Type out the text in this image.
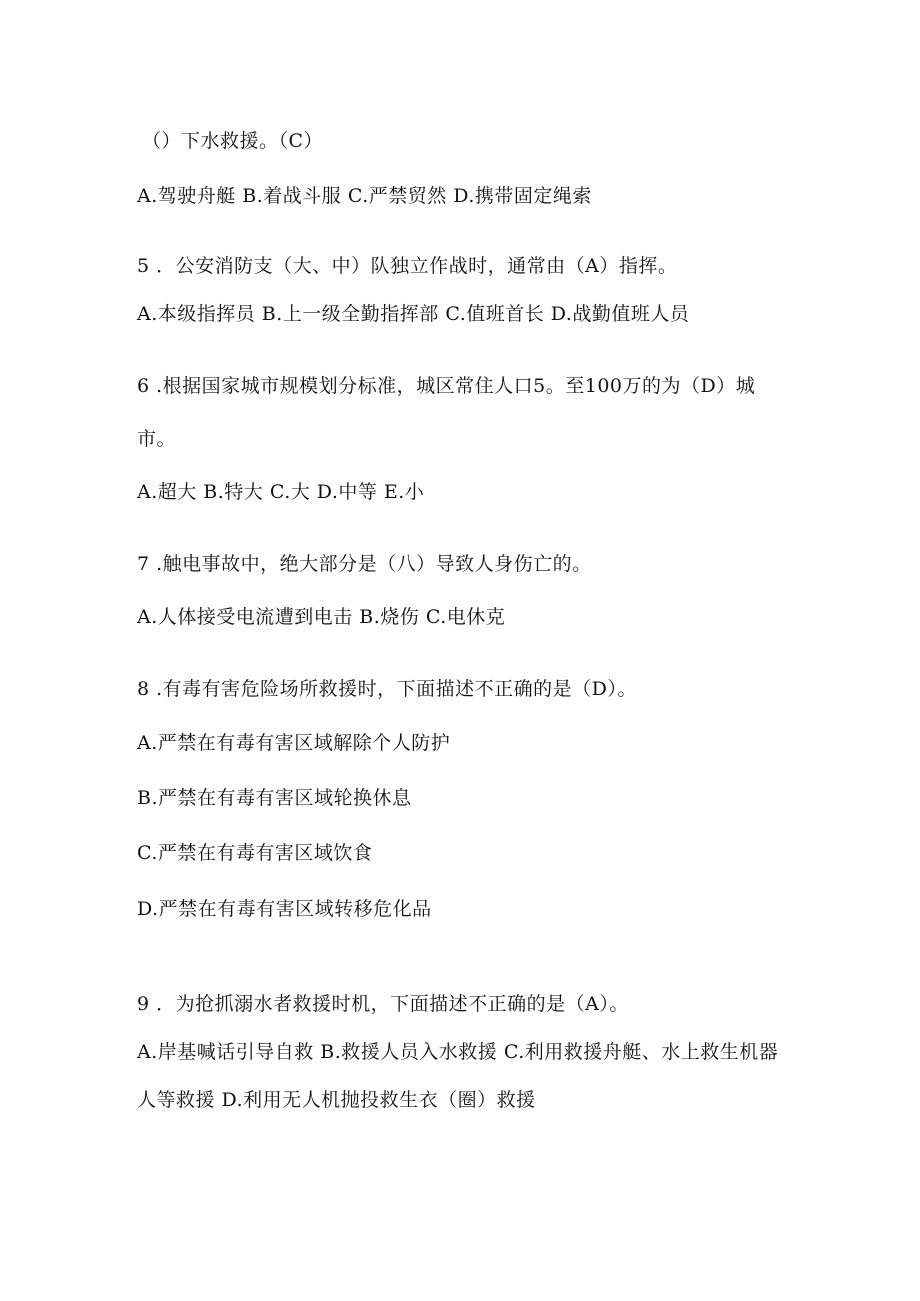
（）下水救援。（C）
A.驾驶舟艇 B.着战斗服 C.严禁贸然 D.携带固定绳索
5 ．公安消防支（大、中）队独立作战时，通常由（A）指挥。
A.本级指挥员 B.上一级全勤指挥部 C.值班首长 D.战勤值班人员
6 .根据国家城市规模划分标准，城区常住人口5。至100万的为（D）城
市。
A.超大 B.特大 C.大 D.中等 E.小
7 .触电事故中，绝大部分是（八）导致人身伤亡的。
A.人体接受电流遭到电击 B.烧伤 C.电休克
8 .有毒有害危险场所救援时，下面描述不正确的是（D）。
A.严禁在有毒有害区域解除个人防护
B.严禁在有毒有害区域轮换休息
C.严禁在有毒有害区域饮食
D.严禁在有毒有害区域转移危化品
9 ．为抢抓溺水者救援时机，下面描述不正确的是（A）。
A.岸基喊话引导自救 B.救援人员入水救援 C.利用救援舟艇、水上救生机器
人等救援 D.利用无人机抛投救生衣（圈）救援
